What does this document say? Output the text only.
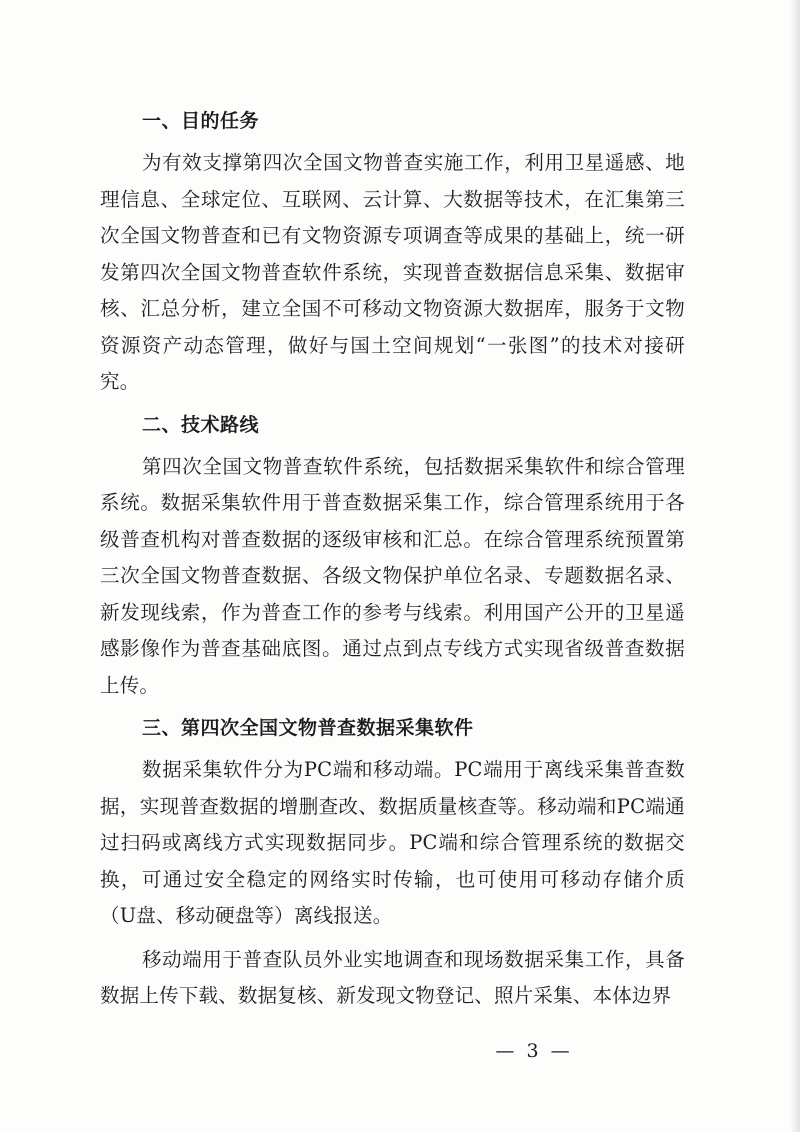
一、目的任务

为有效支撑第四次全国文物普查实施工作，利用卫星遥感、地理信息、全球定位、互联网、云计算、大数据等技术，在汇集第三次全国文物普查和已有文物资源专项调查等成果的基础上，统一研发第四次全国文物普查软件系统，实现普查数据信息采集、数据审核、汇总分析，建立全国不可移动文物资源大数据库，服务于文物资源资产动态管理，做好与国土空间规划“一张图”的技术对接研究。

二、技术路线

第四次全国文物普查软件系统，包括数据采集软件和综合管理系统。数据采集软件用于普查数据采集工作，综合管理系统用于各级普查机构对普查数据的逐级审核和汇总。在综合管理系统预置第三次全国文物普查数据、各级文物保护单位名录、专题数据名录、新发现线索，作为普查工作的参考与线索。利用国产公开的卫星遥感影像作为普查基础底图。通过点到点专线方式实现省级普查数据上传。

三、第四次全国文物普查数据采集软件

数据采集软件分为PC端和移动端。PC端用于离线采集普查数据，实现普查数据的增删查改、数据质量核查等。移动端和PC端通过扫码或离线方式实现数据同步。PC端和综合管理系统的数据交换，可通过安全稳定的网络实时传输，也可使用可移动存储介质（U盘、移动硬盘等）离线报送。

移动端用于普查队员外业实地调查和现场数据采集工作，具备数据上传下载、数据复核、新发现文物登记、照片采集、本体边界

— 3 —
